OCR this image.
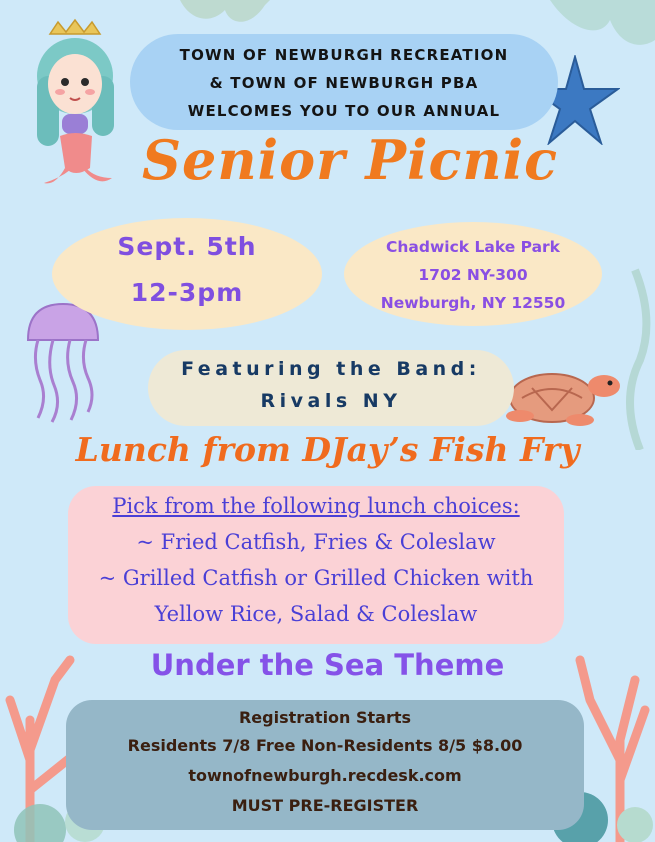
TOWN OF NEWBURGH RECREATION
& TOWN OF NEWBURGH PBA
WELCOMES YOU TO OUR ANNUAL
Senior Picnic
Sept. 5th
12-3pm
Chadwick Lake Park
1702 NY-300
Newburgh, NY 12550
Featuring the Band:
Rivals NY
Lunch from DJay’s Fish Fry
Pick from the following lunch choices:
~ Fried Catfish, Fries & Coleslaw
~ Grilled Catfish or Grilled Chicken with
Yellow Rice, Salad & Coleslaw
Under the Sea Theme
Registration Starts
Residents 7/8 Free Non-Residents 8/5 $8.00
townofnewburgh.recdesk.com
MUST PRE-REGISTER
